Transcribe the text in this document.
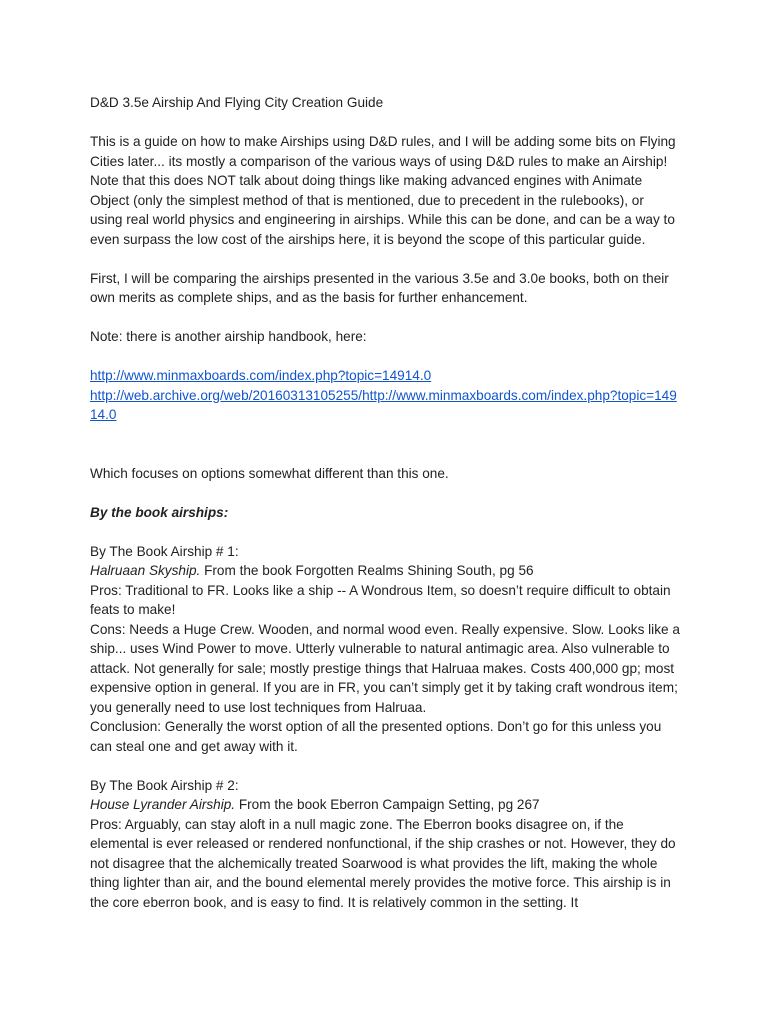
D&D 3.5e Airship And Flying City Creation Guide

This is a guide on how to make Airships using D&D rules, and I will be adding some bits on Flying Cities later... its mostly a comparison of the various ways of using D&D rules to make an Airship! Note that this does NOT talk about doing things like making advanced engines with Animate Object (only the simplest method of that is mentioned, due to precedent in the rulebooks), or using real world physics and engineering in airships. While this can be done, and can be a way to even surpass the low cost of the airships here, it is beyond the scope of this particular guide.

First, I will be comparing the airships presented in the various 3.5e and 3.0e books, both on their own merits as complete ships, and as the basis for further enhancement.

Note: there is another airship handbook, here:

http://www.minmaxboards.com/index.php?topic=14914.0
http://web.archive.org/web/20160313105255/http://www.minmaxboards.com/index.php?topic=14914.0

Which focuses on options somewhat different than this one.

By the book airships:

By The Book Airship # 1:

Halruaan Skyship. From the book Forgotten Realms Shining South, pg 56

Pros: Traditional to FR. Looks like a ship -- A Wondrous Item, so doesn’t require difficult to obtain feats to make!

Cons: Needs a Huge Crew. Wooden, and normal wood even. Really expensive. Slow. Looks like a ship... uses Wind Power to move. Utterly vulnerable to natural antimagic area. Also vulnerable to attack. Not generally for sale; mostly prestige things that Halruaa makes. Costs 400,000 gp; most expensive option in general. If you are in FR, you can’t simply get it by taking craft wondrous item; you generally need to use lost techniques from Halruaa.

Conclusion: Generally the worst option of all the presented options. Don’t go for this unless you can steal one and get away with it.

By The Book Airship # 2:

House Lyrander Airship. From the book Eberron Campaign Setting, pg 267

Pros: Arguably, can stay aloft in a null magic zone. The Eberron books disagree on, if the elemental is ever released or rendered nonfunctional, if the ship crashes or not. However, they do not disagree that the alchemically treated Soarwood is what provides the lift, making the whole thing lighter than air, and the bound elemental merely provides the motive force. This airship is in the core eberron book, and is easy to find. It is relatively common in the setting. It
